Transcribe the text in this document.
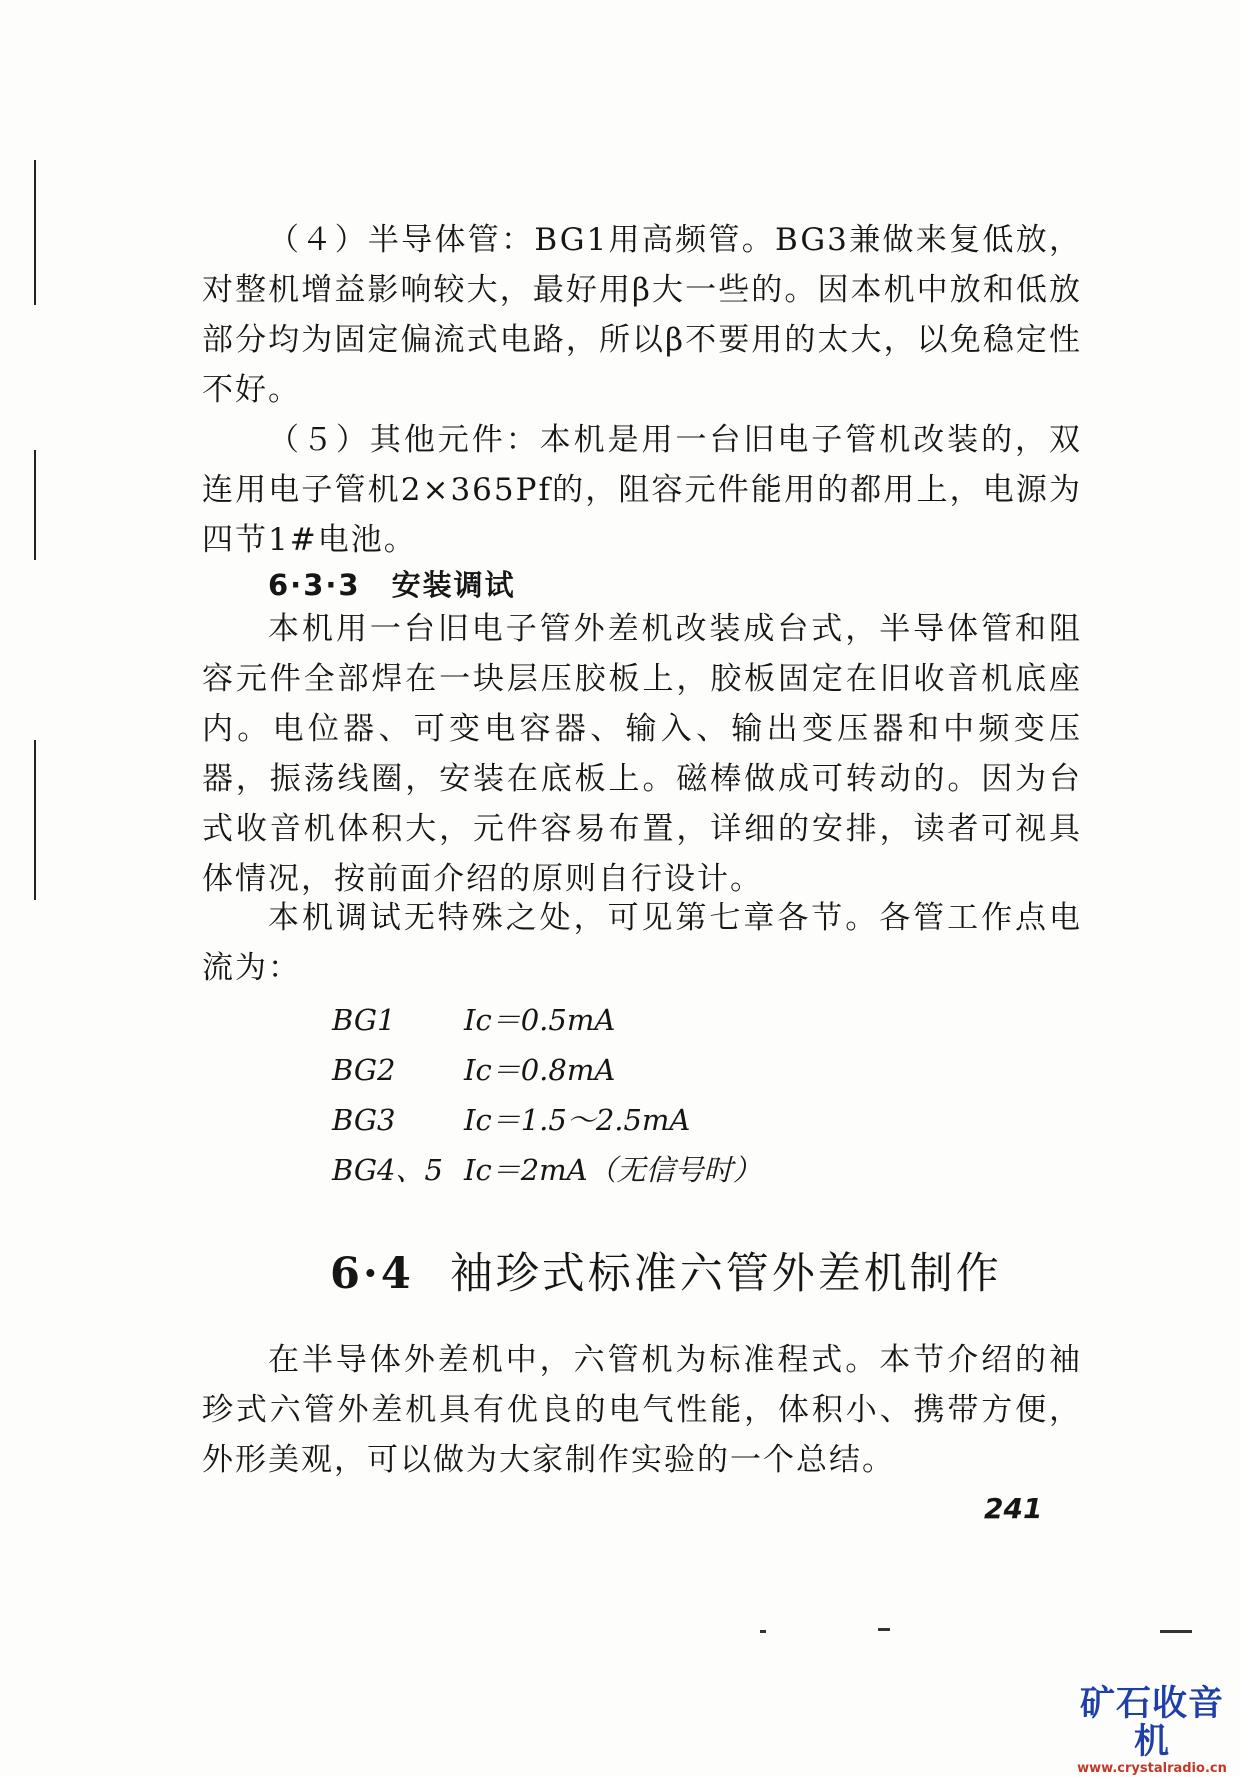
（４）半导体管：BG1用高频管。BG3兼做来复低放，对整机增益影响较大，最好用β大一些的。因本机中放和低放部分均为固定偏流式电路，所以β不要用的太大，以免稳定性不好。

（５）其他元件：本机是用一台旧电子管机改装的，双连用电子管机2×365Pf的，阻容元件能用的都用上，电源为四节1#电池。

6·3·3　安装调试

本机用一台旧电子管外差机改装成台式，半导体管和阻容元件全部焊在一块层压胶板上，胶板固定在旧收音机底座内。电位器、可变电容器、输入、输出变压器和中频变压器，振荡线圈，安装在底板上。磁棒做成可转动的。因为台式收音机体积大，元件容易布置，详细的安排，读者可视具体情况，按前面介绍的原则自行设计。

本机调试无特殊之处，可见第七章各节。各管工作点电流为：

BG1 Ic＝0.5mA
BG2 Ic＝0.8mA
BG3 Ic＝1.5～2.5mA
BG4、5 Ic＝2mA（无信号时）
6·4 袖珍式标准六管外差机制作

在半导体外差机中，六管机为标准程式。本节介绍的袖珍式六管外差机具有优良的电气性能，体积小、携带方便，外形美观，可以做为大家制作实验的一个总结。

241
矿石收音机
www.crystalradio.cn
